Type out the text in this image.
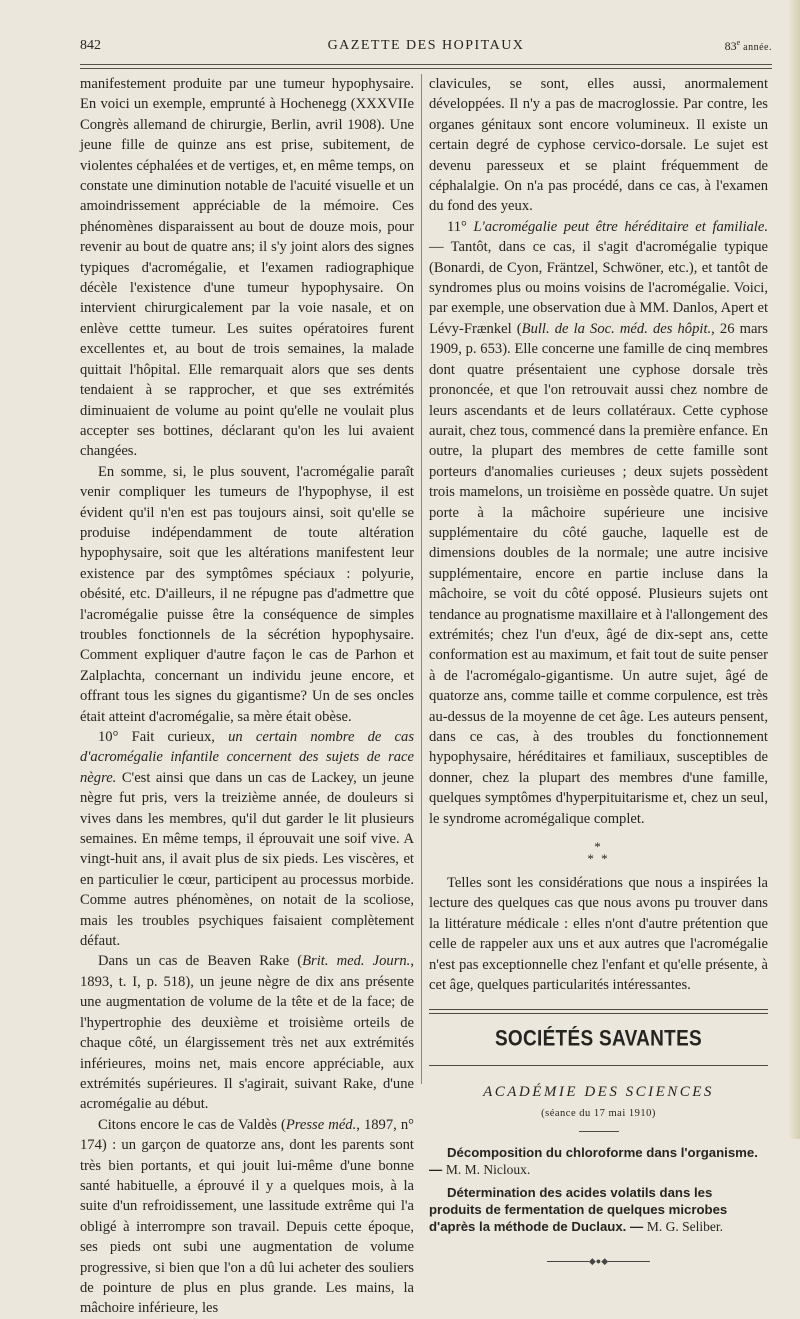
842	GAZETTE DES HOPITAUX	83e année.

manifestement produite par une tumeur hypophysaire. En voici un exemple, emprunté à Hochenegg (XXXVIIe Congrès allemand de chirurgie, Berlin, avril 1908). Une jeune fille de quinze ans est prise, subitement, de violentes céphalées et de vertiges, et, en même temps, on constate une diminution notable de l'acuité visuelle et un amoindrissement appréciable de la mémoire. Ces phénomènes disparaissent au bout de douze mois, pour revenir au bout de quatre ans; il s'y joint alors des signes typiques d'acromégalie, et l'examen radiographique décèle l'existence d'une tumeur hypophysaire. On intervient chirurgicalement par la voie nasale, et on enlève cettte tumeur. Les suites opératoires furent excellentes et, au bout de trois semaines, la malade quittait l'hôpital. Elle remarquait alors que ses dents tendaient à se rapprocher, et que ses extrémités diminuaient de volume au point qu'elle ne voulait plus accepter ses bottines, déclarant qu'on les lui avaient changées.

En somme, si, le plus souvent, l'acromégalie paraît venir compliquer les tumeurs de l'hypophyse, il est évident qu'il n'en est pas toujours ainsi, soit qu'elle se produise indépendamment de toute altération hypophysaire, soit que les altérations manifestent leur existence par des symptômes spéciaux : polyurie, obésité, etc. D'ailleurs, il ne répugne pas d'admettre que l'acromégalie puisse être la conséquence de simples troubles fonctionnels de la sécrétion hypophysaire. Comment expliquer d'autre façon le cas de Parhon et Zalplachta, concernant un individu jeune encore, et offrant tous les signes du gigantisme? Un de ses oncles était atteint d'acromégalie, sa mère était obèse.

10° Fait curieux, un certain nombre de cas d'acromégalie infantile concernent des sujets de race nègre. C'est ainsi que dans un cas de Lackey, un jeune nègre fut pris, vers la treizième année, de douleurs si vives dans les membres, qu'il dut garder le lit plusieurs semaines. En même temps, il éprouvait une soif vive. A vingt-huit ans, il avait plus de six pieds. Les viscères, et en particulier le cœur, participent au processus morbide. Comme autres phénomènes, on notait de la scoliose, mais les troubles psychiques faisaient complètement défaut.

Dans un cas de Beaven Rake (Brit. med. Journ., 1893, t. I, p. 518), un jeune nègre de dix ans présente une augmentation de volume de la tête et de la face; de l'hypertrophie des deuxième et troisième orteils de chaque côté, un élargissement très net aux extrémités inférieures, moins net, mais encore appréciable, aux extrémités supérieures. Il s'agirait, suivant Rake, d'une acromégalie au début.

Citons encore le cas de Valdès (Presse méd., 1897, n° 174) : un garçon de quatorze ans, dont les parents sont très bien portants, et qui jouit lui-même d'une bonne santé habituelle, a éprouvé il y a quelques mois, à la suite d'un refroidissement, une lassitude extrême qui l'a obligé à interrompre son travail. Depuis cette époque, ses pieds ont subi une augmentation de volume progressive, si bien que l'on a dû lui acheter des souliers de pointure de plus en plus grande. Les mains, la mâchoire inférieure, les

clavicules, se sont, elles aussi, anormalement développées. Il n'y a pas de macroglossie. Par contre, les organes génitaux sont encore volumineux. Il existe un certain degré de cyphose cervico-dorsale. Le sujet est devenu paresseux et se plaint fréquemment de céphalalgie. On n'a pas procédé, dans ce cas, à l'examen du fond des yeux.

11° L'acromégalie peut être héréditaire et familiale. — Tantôt, dans ce cas, il s'agit d'acromégalie typique (Bonardi, de Cyon, Fräntzel, Schwöner, etc.), et tantôt de syndromes plus ou moins voisins de l'acromégalie. Voici, par exemple, une observation due à MM. Danlos, Apert et Lévy-Frænkel (Bull. de la Soc. méd. des hôpit., 26 mars 1909, p. 653). Elle concerne une famille de cinq membres dont quatre présentaient une cyphose dorsale très prononcée, et que l'on retrouvait aussi chez nombre de leurs ascendants et de leurs collatéraux. Cette cyphose aurait, chez tous, commencé dans la première enfance. En outre, la plupart des membres de cette famille sont porteurs d'anomalies curieuses ; deux sujets possèdent trois mamelons, un troisième en possède quatre. Un sujet porte à la mâchoire supérieure une incisive supplémentaire du côté gauche, laquelle est de dimensions doubles de la normale; une autre incisive supplémentaire, encore en partie incluse dans la mâchoire, se voit du côté opposé. Plusieurs sujets ont tendance au prognatisme maxillaire et à l'allongement des extrémités; chez l'un d'eux, âgé de dix-sept ans, cette conformation est au maximum, et fait tout de suite penser à de l'acromégalo-gigantisme. Un autre sujet, âgé de quatorze ans, comme taille et comme corpulence, est très au-dessus de la moyenne de cet âge. Les auteurs pensent, dans ce cas, à des troubles du fonctionnement hypophysaire, héréditaires et familiaux, susceptibles de donner, chez la plupart des membres d'une famille, quelques symptômes d'hyperpituitarisme et, chez un seul, le syndrome acromégalique complet.

*
* *

Telles sont les considérations que nous a inspirées la lecture des quelques cas que nous avons pu trouver dans la littérature médicale : elles n'ont d'autre prétention que celle de rappeler aux uns et aux autres que l'acromégalie n'est pas exceptionnelle chez l'enfant et qu'elle présente, à cet âge, quelques particularités intéressantes.

SOCIÉTÉS SAVANTES
ACADÉMIE DES SCIENCES
(séance du 17 mai 1910)

Décomposition du chloroforme dans l'organisme. — M. M. Nicloux.

Détermination des acides volatils dans les produits de fermentation de quelques microbes d'après la méthode de Duclaux. — M. G. Seliber.

◆●◆
